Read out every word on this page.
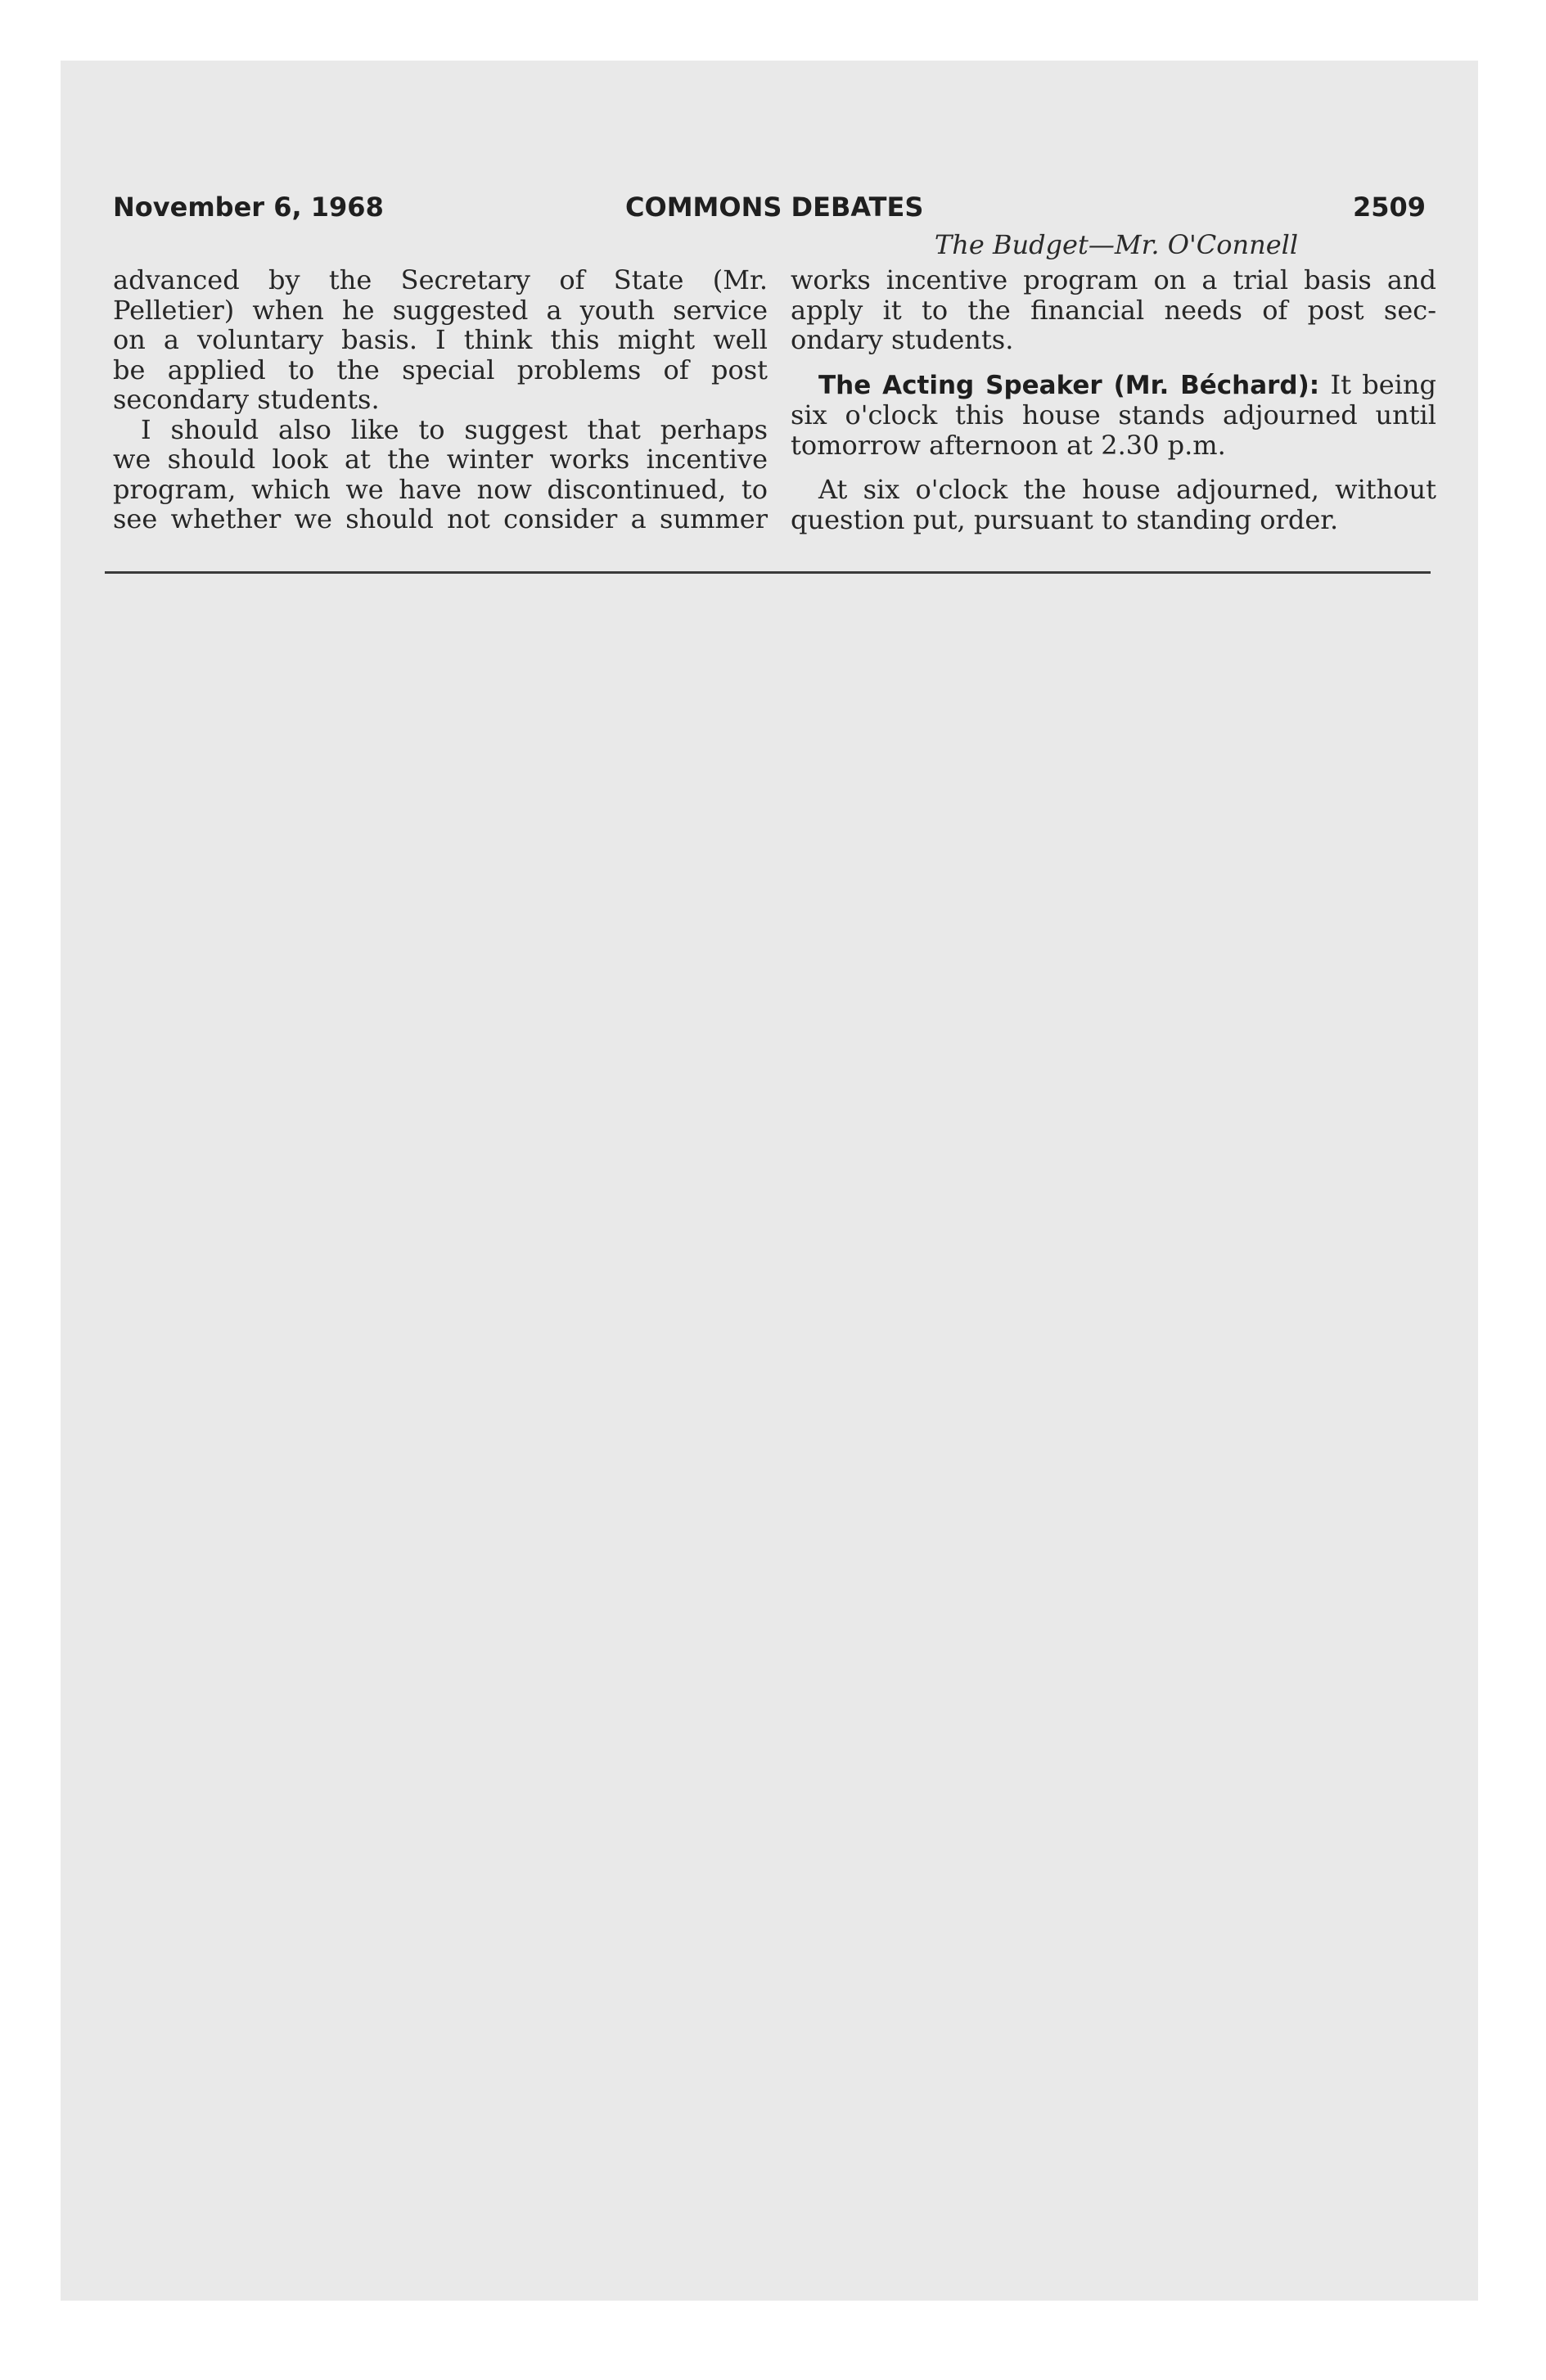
November 6, 1968	COMMONS DEBATES	2509
The Budget—Mr. O'Connell

advanced by the Secretary of State (Mr.
Pelletier) when he suggested a youth service
on a voluntary basis. I think this might well
be applied to the special problems of post
secondary students.

I should also like to suggest that perhaps
we should look at the winter works incentive
program, which we have now discontinued, to
see whether we should not consider a summer

works incentive program on a trial basis and
apply it to the financial needs of post sec-
ondary students.

The Acting Speaker (Mr. Béchard): It being
six o'clock this house stands adjourned until
tomorrow afternoon at 2.30 p.m.

At six o'clock the house adjourned, without
question put, pursuant to standing order.
